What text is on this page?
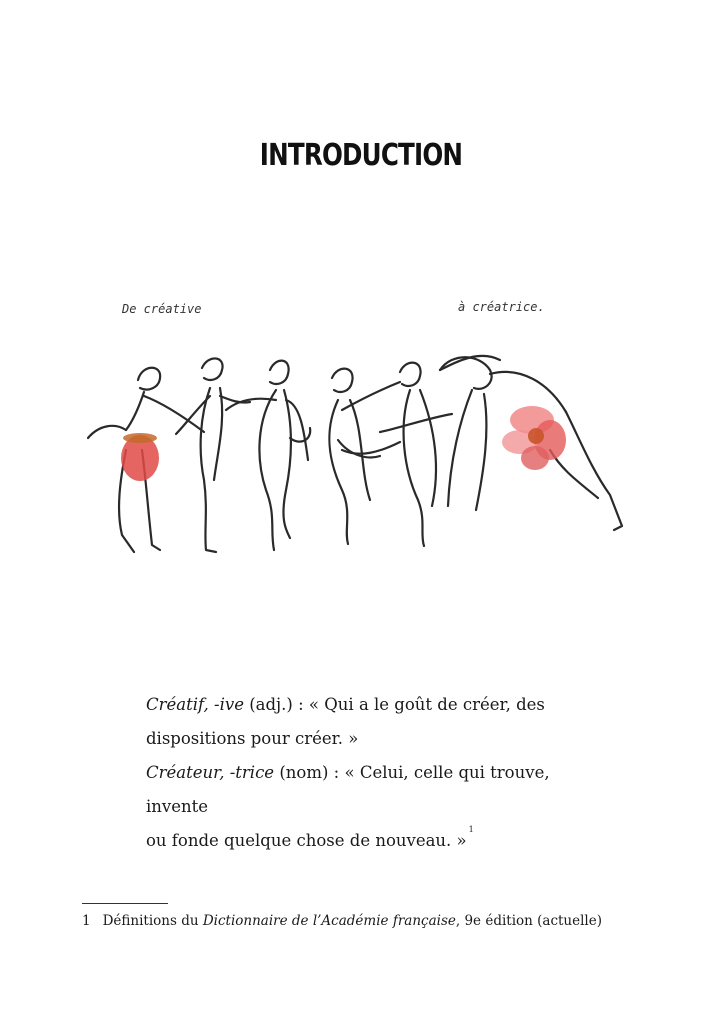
INTRODUCTION
De créative	à créatrice.

Créatif, -ive (adj.) : « Qui a le goût de créer, des

dispositions pour créer. »

Créateur, -trice (nom) : « Celui, celle qui trouve, invente

ou fonde quelque chose de nouveau. »$^1$

1 Définitions du Dictionnaire de l’Académie française, 9e édition (actuelle)
